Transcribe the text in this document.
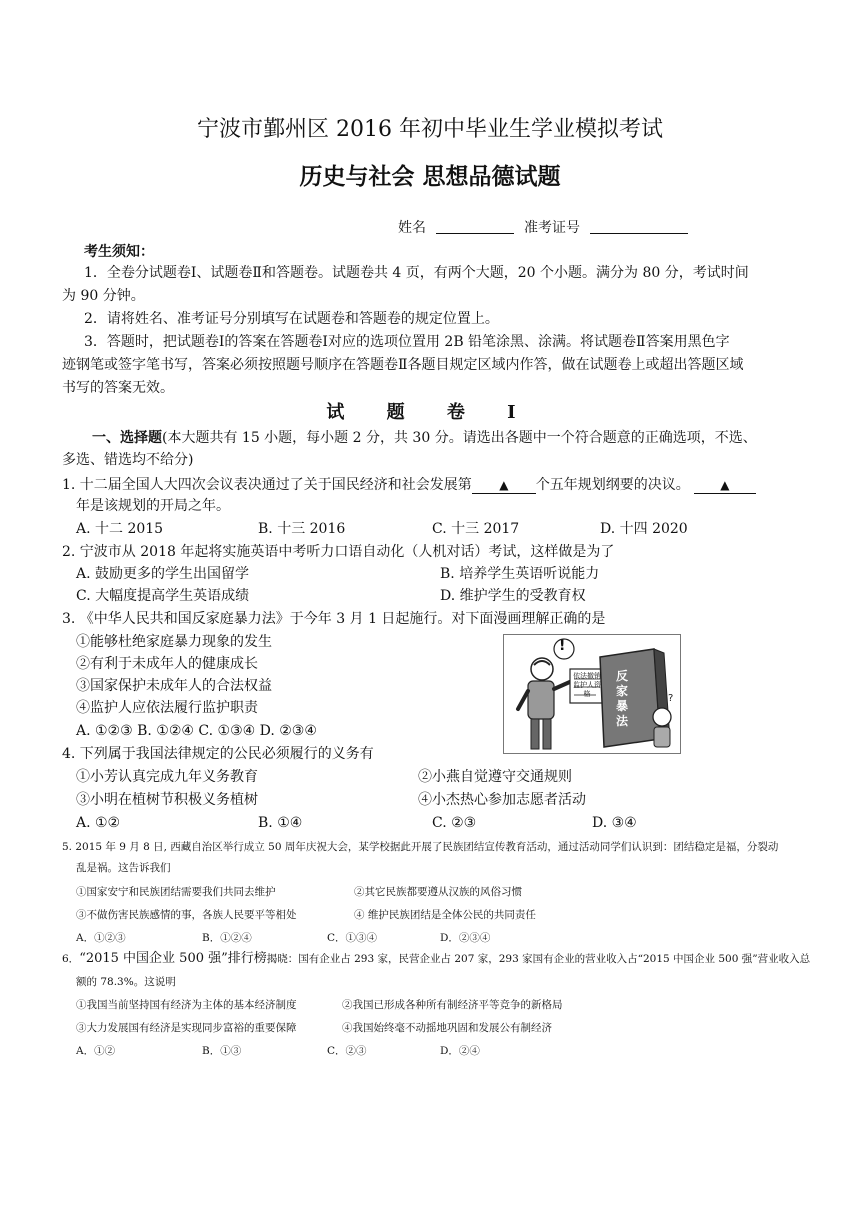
宁波市鄞州区 2016 年初中毕业生学业模拟考试
历史与社会 思想品德试题
姓名	准考证号
考生须知：
1．全卷分试题卷Ⅰ、试题卷Ⅱ和答题卷。试题卷共 4 页，有两个大题，20 个小题。满分为 80 分，考试时间
为 90 分钟。
2．请将姓名、准考证号分别填写在试题卷和答题卷的规定位置上。
3．答题时，把试题卷Ⅰ的答案在答题卷Ⅰ对应的选项位置用 2B 铅笔涂黑、涂满。将试题卷Ⅱ答案用黑色字
迹钢笔或签字笔书写，答案必须按照题号顺序在答题卷Ⅱ各题目规定区域内作答，做在试题卷上或超出答题区域
书写的答案无效。
试 题 卷 Ⅰ
一、选择题(本大题共有 15 小题，每小题 2 分，共 30 分。请选出各题中一个符合题意的正确选项，不选、
多选、错选均不给分)
1. 十二届全国人大四次会议表决通过了关于国民经济和社会发展第 ▲ 个五年规划纲要的决议。	▲
年是该规划的开局之年。
A. 十二 2015	B. 十三 2016	C. 十三 2017	D. 十四 2020
2. 宁波市从 2018 年起将实施英语中考听力口语自动化（人机对话）考试，这样做是为了
A. 鼓励更多的学生出国留学	B. 培养学生英语听说能力
C. 大幅度提高学生英语成绩	D. 维护学生的受教育权
3. 《中华人民共和国反家庭暴力法》于今年 3 月 1 日起施行。对下面漫画理解正确的是
①能够杜绝家庭暴力现象的发生
②有利于未成年人的健康成长
③国家保护未成年人的合法权益
④监护人应依法履行监护职责
A. ①②③ B. ①②④ C. ①③④ D. ②③④
?
!
依法撤销监护人资格
反家暴法
4. 下列属于我国法律规定的公民必须履行的义务有
①小芳认真完成九年义务教育	②小燕自觉遵守交通规则
③小明在植树节积极义务植树	④小杰热心参加志愿者活动
A. ①②	B. ①④	C. ②③	D. ③④
5. 2015 年 9 月 8 日, 西藏自治区举行成立 50 周年庆祝大会，某学校据此开展了民族团结宣传教育活动，通过活动同学们认识到：团结稳定是福，分裂动
乱是祸。这告诉我们
①国家安宁和民族团结需要我们共同去维护	②其它民族都要遵从汉族的风俗习惯
③不做伤害民族感情的事，各族人民要平等相处	④ 维护民族团结是全体公民的共同责任
A．①②③	B．①②④	C．①③④	D．②③④
6．“2015 中国企业 500 强”排行榜揭晓：国有企业占 293 家，民营企业占 207 家，293 家国有企业的营业收入占“2015 中国企业 500 强”营业收入总
额的 78.3%。这说明
①我国当前坚持国有经济为主体的基本经济制度	②我国已形成各种所有制经济平等竞争的新格局
③大力发展国有经济是实现同步富裕的重要保障	④我国始终毫不动摇地巩固和发展公有制经济
A．①②	B．①③	C．②③	D．②④
